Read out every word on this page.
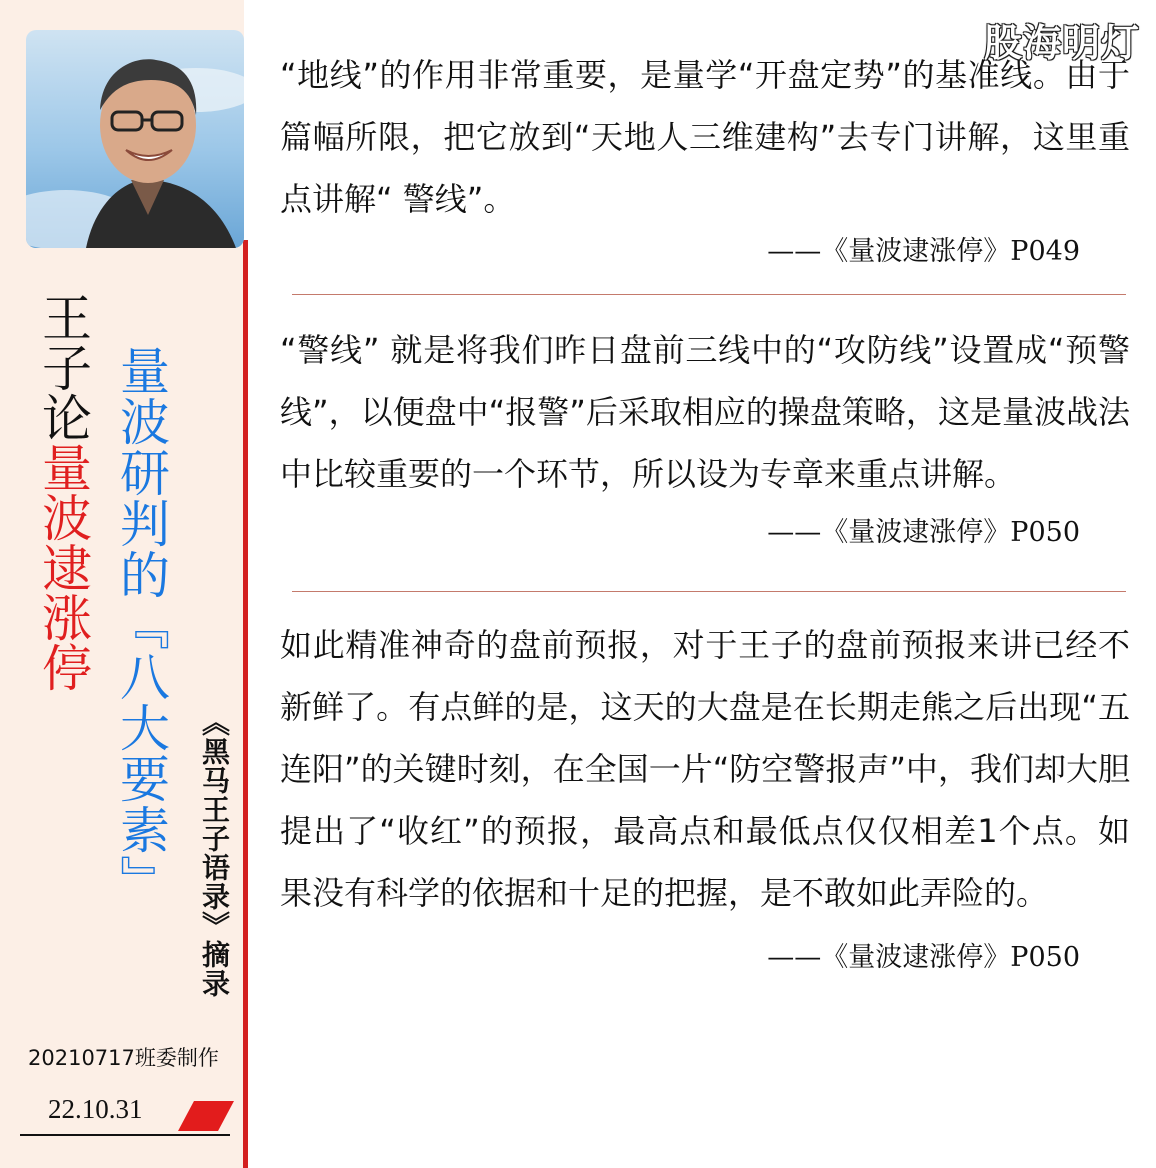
王子论量波逮涨停 量波研判的『八大要素』 《黑马王子语录》摘录
20210717班委制作
22.10.31
股海明灯

“地线”的作用非常重要，是量学“开盘定势”的基准线。由于篇幅所限，把它放到“天地人三维建构”去专门讲解，这里重点讲解“ 警线”。

——《量波逮涨停》P049

“警线” 就是将我们昨日盘前三线中的“攻防线”设置成“预警线”，以便盘中“报警”后采取相应的操盘策略，这是量波战法中比较重要的一个环节，所以设为专章来重点讲解。

——《量波逮涨停》P050

如此精准神奇的盘前预报，对于王子的盘前预报来讲已经不新鲜了。有点鲜的是，这天的大盘是在长期走熊之后出现“五连阳”的关键时刻，在全国一片“防空警报声”中，我们却大胆提出了“收红”的预报，最高点和最低点仅仅相差1个点。如果没有科学的依据和十足的把握，是不敢如此弄险的。

——《量波逮涨停》P050
